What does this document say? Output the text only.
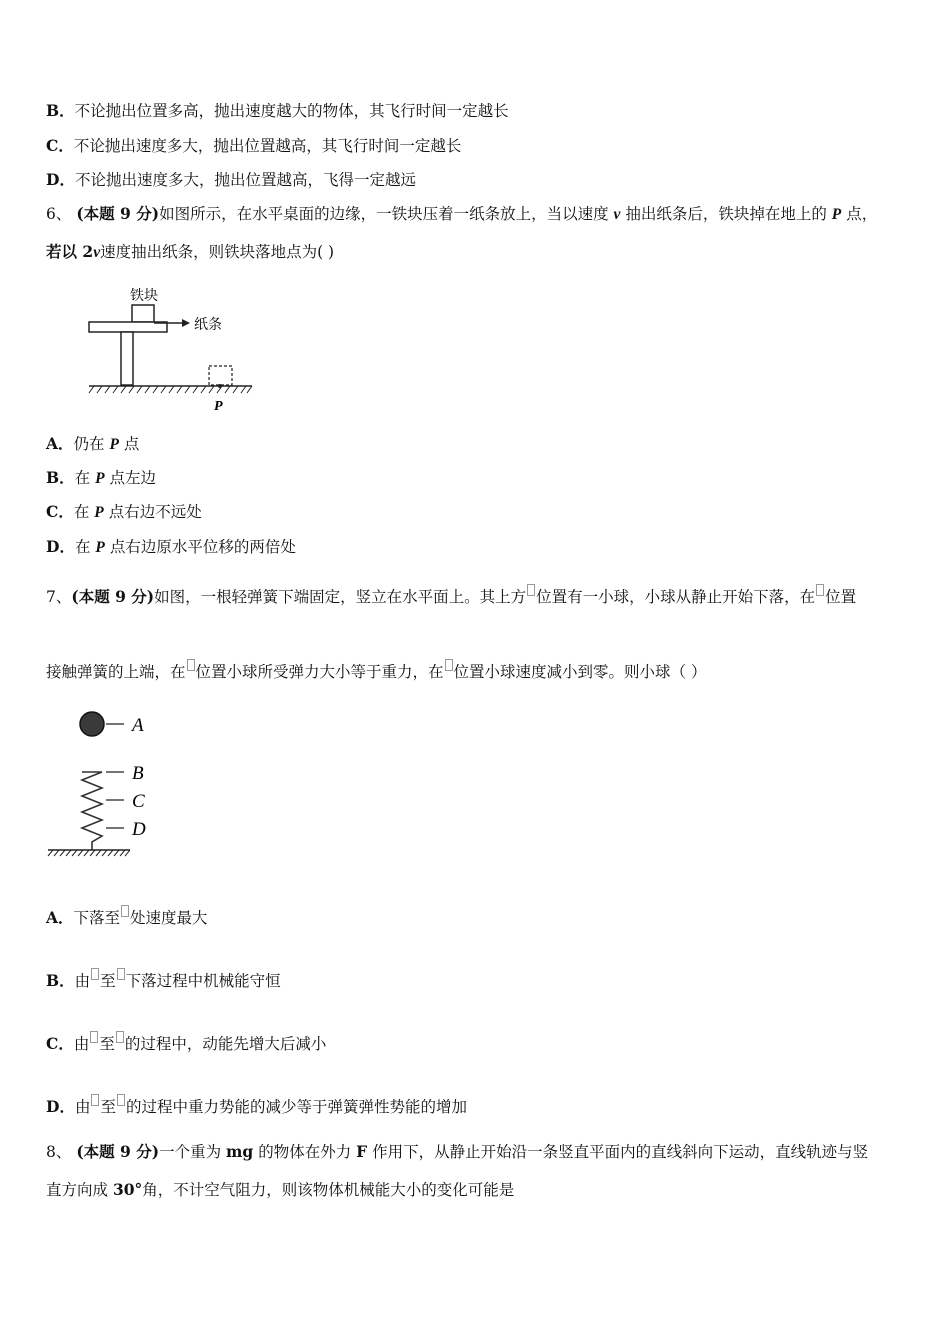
B．不论抛出位置多高，抛出速度越大的物体，其飞行时间一定越长
C．不论抛出速度多大，抛出位置越高，其飞行时间一定越长
D．不论抛出速度多大，抛出位置越高，飞得一定越远
6、 (本题 9 分)如图所示，在水平桌面的边缘，一铁块压着一纸条放上，当以速度 v 抽出纸条后，铁块掉在地上的 P 点，
若以 2v速度抽出纸条，则铁块落地点为( )
铁块
纸条
P
A．仍在 P 点
B．在 P 点左边
C．在 P 点右边不远处
D．在 P 点右边原水平位移的两倍处
7、(本题 9 分)如图，一根轻弹簧下端固定，竖立在水平面上。其上方 位置有一小球，小球从静止开始下落，在 位置
接触弹簧的上端，在 位置小球所受弹力大小等于重力，在 位置小球速度减小到零。则小球（ ）
A
B
C
D
A．下落至 处速度最大
B．由 至 下落过程中机械能守恒
C．由 至 的过程中，动能先增大后减小
D．由 至 的过程中重力势能的减少等于弹簧弹性势能的增加
8、 (本题 9 分)一个重为 mg 的物体在外力 F 作用下，从静止开始沿一条竖直平面内的直线斜向下运动，直线轨迹与竖
直方向成 30°角，不计空气阻力，则该物体机械能大小的变化可能是
